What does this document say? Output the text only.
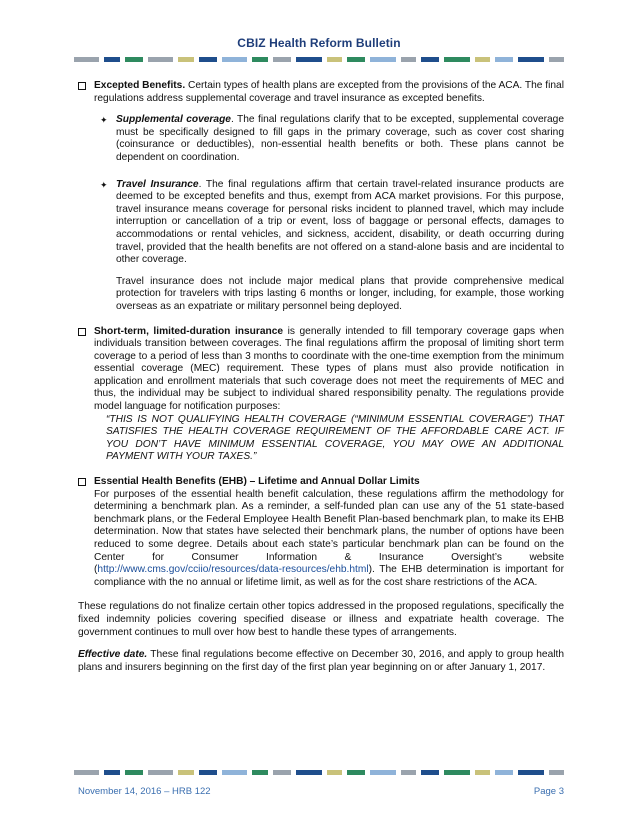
CBIZ Health Reform Bulletin

Excepted Benefits. Certain types of health plans are excepted from the provisions of the ACA. The final regulations address supplemental coverage and travel insurance as excepted benefits.

✦ Supplemental coverage. The final regulations clarify that to be excepted, supplemental coverage must be specifically designed to fill gaps in the primary coverage, such as cover cost sharing (coinsurance or deductibles), non-essential health benefits or both. These plans cannot be dependent on coordination.

✦ Travel Insurance. The final regulations affirm that certain travel-related insurance products are deemed to be excepted benefits and thus, exempt from ACA market provisions. For this purpose, travel insurance means coverage for personal risks incident to planned travel, which may include interruption or cancellation of a trip or event, loss of baggage or personal effects, damages to accommodations or rental vehicles, and sickness, accident, disability, or death occurring during travel, provided that the health benefits are not offered on a stand-alone basis and are incidental to other coverage.

Travel insurance does not include major medical plans that provide comprehensive medical protection for travelers with trips lasting 6 months or longer, including, for example, those working overseas as an expatriate or military personnel being deployed.

Short-term, limited-duration insurance is generally intended to fill temporary coverage gaps when individuals transition between coverages. The final regulations affirm the proposal of limiting short term coverage to a period of less than 3 months to coordinate with the one-time exemption from the minimum essential coverage (MEC) requirement. These types of plans must also provide notification in application and enrollment materials that such coverage does not meet the requirements of MEC and thus, the individual may be subject to individual shared responsibility penalty. The regulations provide model language for notification purposes:

“THIS IS NOT QUALIFYING HEALTH COVERAGE (“MINIMUM ESSENTIAL COVERAGE”) THAT SATISFIES THE HEALTH COVERAGE REQUIREMENT OF THE AFFORDABLE CARE ACT. IF YOU DON’T HAVE MINIMUM ESSENTIAL COVERAGE, YOU MAY OWE AN ADDITIONAL PAYMENT WITH YOUR TAXES.”

Essential Health Benefits (EHB) – Lifetime and Annual Dollar Limits

For purposes of the essential health benefit calculation, these regulations affirm the methodology for determining a benchmark plan. As a reminder, a self-funded plan can use any of the 51 state-based benchmark plans, or the Federal Employee Health Benefit Plan-based benchmark plan, to make its EHB determination. Now that states have selected their benchmark plans, the number of options have been reduced to some degree. Details about each state’s particular benchmark plan can be found on the Center for Consumer Information & Insurance Oversight’s website (http://www.cms.gov/cciio/resources/data-resources/ehb.html). The EHB determination is important for compliance with the no annual or lifetime limit, as well as for the cost share restrictions of the ACA.

These regulations do not finalize certain other topics addressed in the proposed regulations, specifically the fixed indemnity policies covering specified disease or illness and expatriate health coverage. The government continues to mull over how best to handle these types of arrangements.

Effective date. These final regulations become effective on December 30, 2016, and apply to group health plans and insurers beginning on the first day of the first plan year beginning on or after January 1, 2017.

November 14, 2016 – HRB 122	Page 3
